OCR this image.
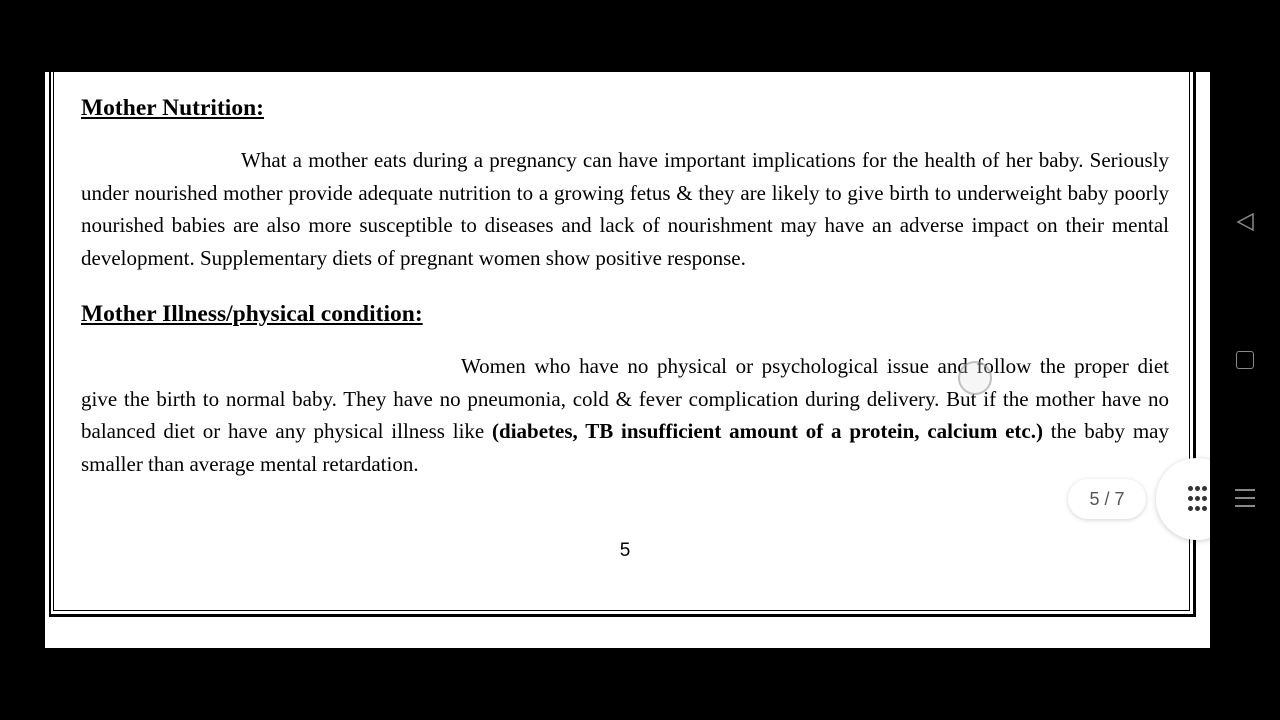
Mother Nutrition:

What a mother eats during a pregnancy can have important implications for the health of her baby. Seriously under nourished mother provide adequate nutrition to a growing fetus & they are likely to give birth to underweight baby poorly nourished babies are also more susceptible to diseases and lack of nourishment may have an adverse impact on their mental development. Supplementary diets of pregnant women show positive response.

Mother Illness/physical condition:

Women who have no physical or psychological issue and follow the proper diet give the birth to normal baby. They have no pneumonia, cold & fever complication during delivery. But if the mother have no balanced diet or have any physical illness like (diabetes, TB insufficient amount of a protein, calcium etc.) the baby may smaller than average mental retardation.

5
5 / 7
